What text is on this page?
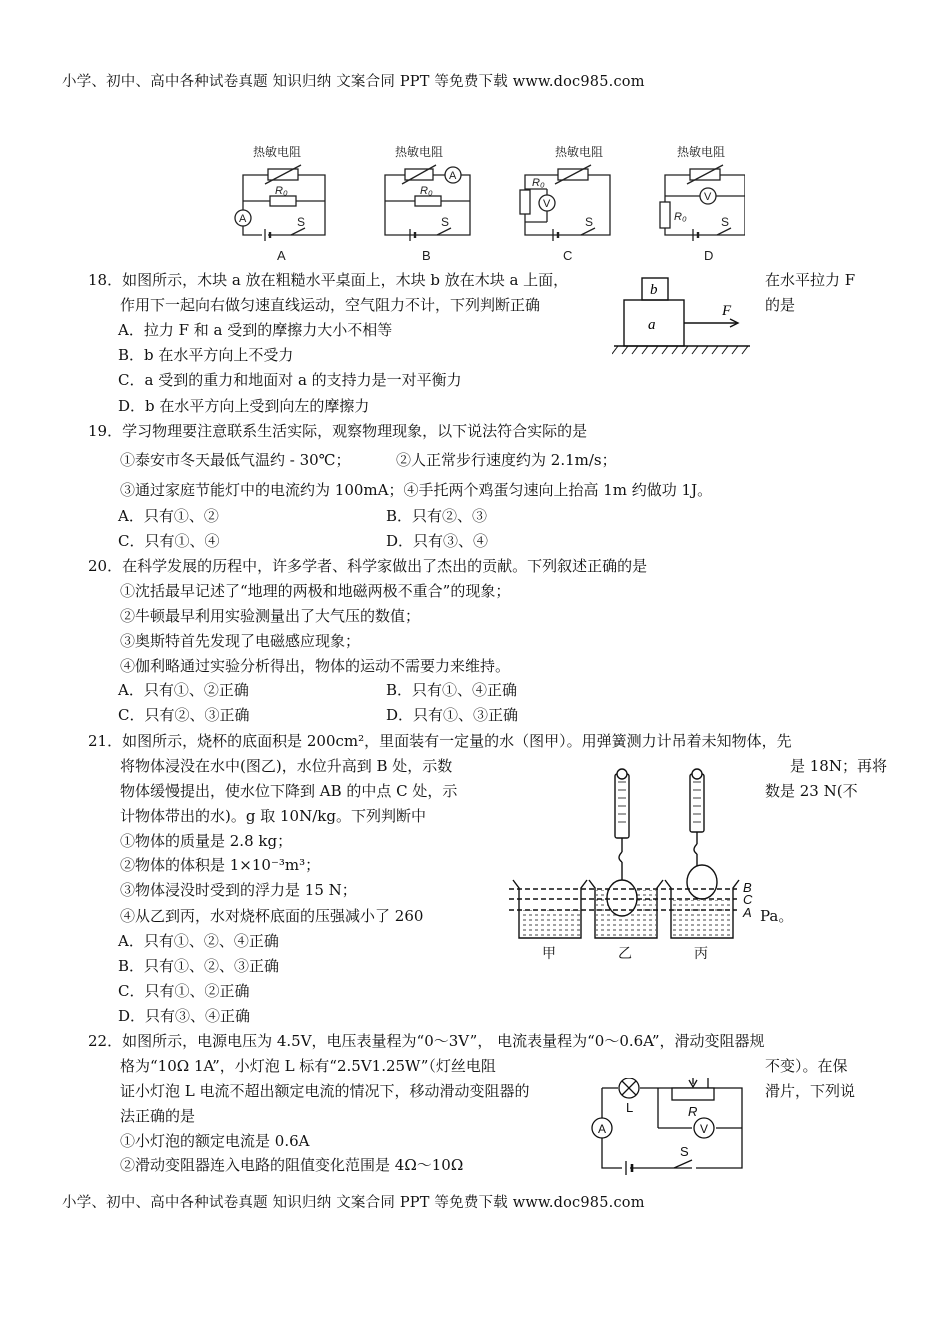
小学、初中、高中各种试卷真题 知识归纳 文案合同 PPT 等免费下载 www.doc985.com
小学、初中、高中各种试卷真题 知识归纳 文案合同 PPT 等免费下载 www.doc985.com
热敏电阻	热敏电阻	热敏电阻	热敏电阻
R₀	R₀
R₀
R₀
A
A
V
V
S	S	S	S
A	B	C	D
18．如图所示，木块 a 放在粗糙水平桌面上，木块 b 放在木块 a 上面，	在水平拉力 F
作用下一起向右做匀速直线运动，空气阻力不计，下列判断正确	的是
A．拉力 F 和 a 受到的摩擦力大小不相等
B．b 在水平方向上不受力
C．a 受到的重力和地面对 a 的支持力是一对平衡力
D．b 在水平方向上受到向左的摩擦力
b
a
F
19．学习物理要注意联系生活实际，观察物理现象，以下说法符合实际的是
①泰安市冬天最低气温约 - 30℃；	②人正常步行速度约为 2.1m/s；
③通过家庭节能灯中的电流约为 100mA；④手托两个鸡蛋匀速向上抬高 1m 约做功 1J。
A．只有①、②	B．只有②、③
C．只有①、④	D．只有③、④
20．在科学发展的历程中，许多学者、科学家做出了杰出的贡献。下列叙述正确的是
①沈括最早记述了“地理的两极和地磁两极不重合”的现象；
②牛顿最早利用实验测量出了大气压的数值；
③奥斯特首先发现了电磁感应现象；
④伽利略通过实验分析得出，物体的运动不需要力来维持。
A．只有①、②正确	B．只有①、④正确
C．只有②、③正确	D．只有①、③正确
21．如图所示，烧杯的底面积是 200cm²，里面装有一定量的水（图甲）。用弹簧测力计吊着未知物体，先
将物体浸没在水中(图乙)，水位升高到 B 处，示数	是 18N；再将
物体缓慢提出，使水位下降到 AB 的中点 C 处，示	数是 23 N(不
计物体带出的水)。g 取 10N/kg。下列判断中
①物体的质量是 2.8 kg；
②物体的体积是 1×10⁻³m³；
③物体浸没时受到的浮力是 15 N；
④从乙到丙，水对烧杯底面的压强减小了 260	Pa。
A．只有①、②、④正确
B．只有①、②、③正确
C．只有①、②正确
D．只有③、④正确
B
C
A
甲	乙	丙
22．如图所示，电源电压为 4.5V，电压表量程为“0～3V”， 电流表量程为“0～0.6A”，滑动变阻器规
格为“10Ω 1A”，小灯泡 L 标有“2.5V1.25W”（灯丝电阻	不变）。在保
证小灯泡 L 电流不超出额定电流的情况下，移动滑动变阻器的	滑片，下列说
法正确的是
①小灯泡的额定电流是 0.6A
②滑动变阻器连入电路的阻值变化范围是 4Ω～10Ω
L	R
A	V
S
